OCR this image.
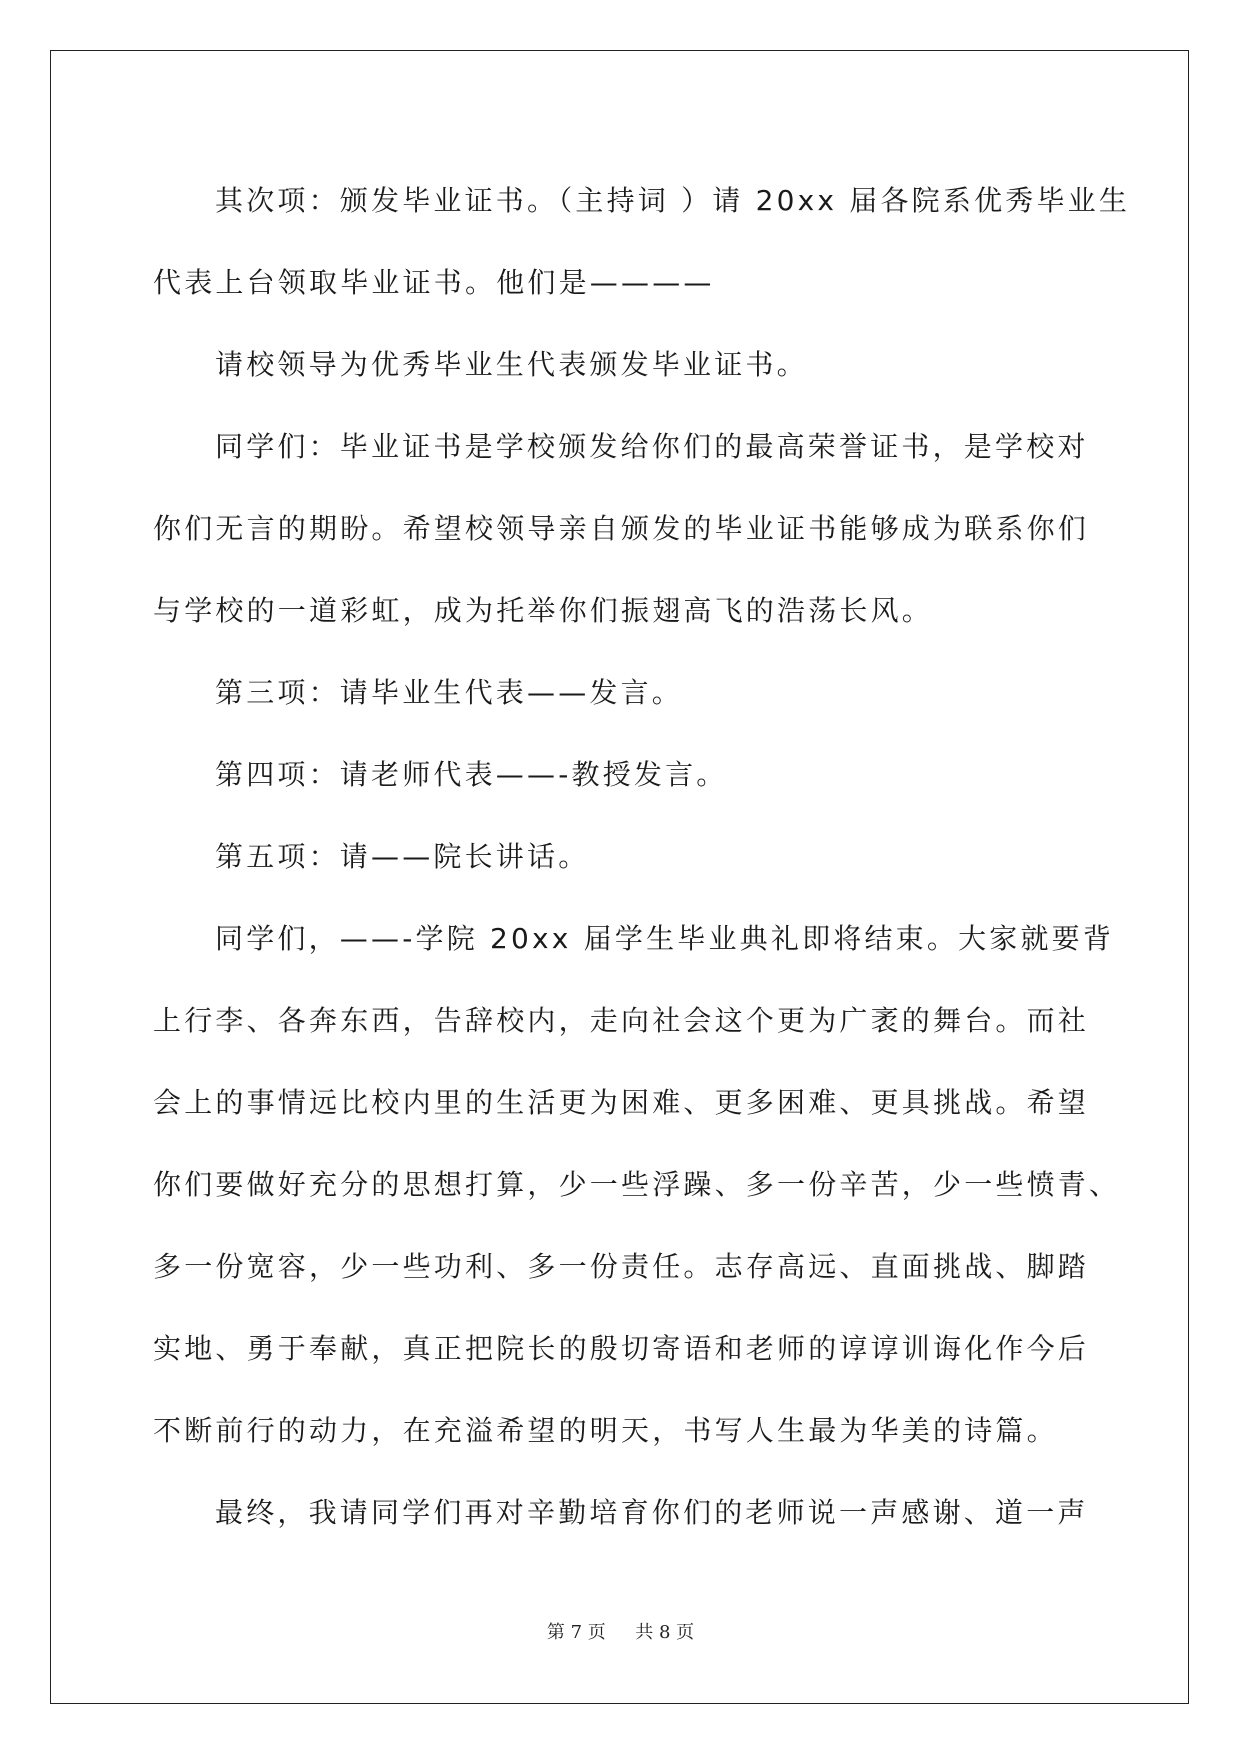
其次项：颁发毕业证书。（主持词 ）请 20xx 届各院系优秀毕业生
代表上台领取毕业证书。他们是————

请校领导为优秀毕业生代表颁发毕业证书。

同学们：毕业证书是学校颁发给你们的最高荣誉证书，是学校对
你们无言的期盼。希望校领导亲自颁发的毕业证书能够成为联系你们
与学校的一道彩虹，成为托举你们振翅高飞的浩荡长风。

第三项：请毕业生代表——发言。

第四项：请老师代表——-教授发言。

第五项：请——院长讲话。

同学们，——-学院 20xx 届学生毕业典礼即将结束。大家就要背
上行李、各奔东西，告辞校内，走向社会这个更为广袤的舞台。而社
会上的事情远比校内里的生活更为困难、更多困难、更具挑战。希望
你们要做好充分的思想打算，少一些浮躁、多一份辛苦，少一些愤青、
多一份宽容，少一些功利、多一份责任。志存高远、直面挑战、脚踏
实地、勇于奉献，真正把院长的殷切寄语和老师的谆谆训诲化作今后
不断前行的动力，在充溢希望的明天，书写人生最为华美的诗篇。

最终，我请同学们再对辛勤培育你们的老师说一声感谢、道一声

第 7 页 共 8 页
